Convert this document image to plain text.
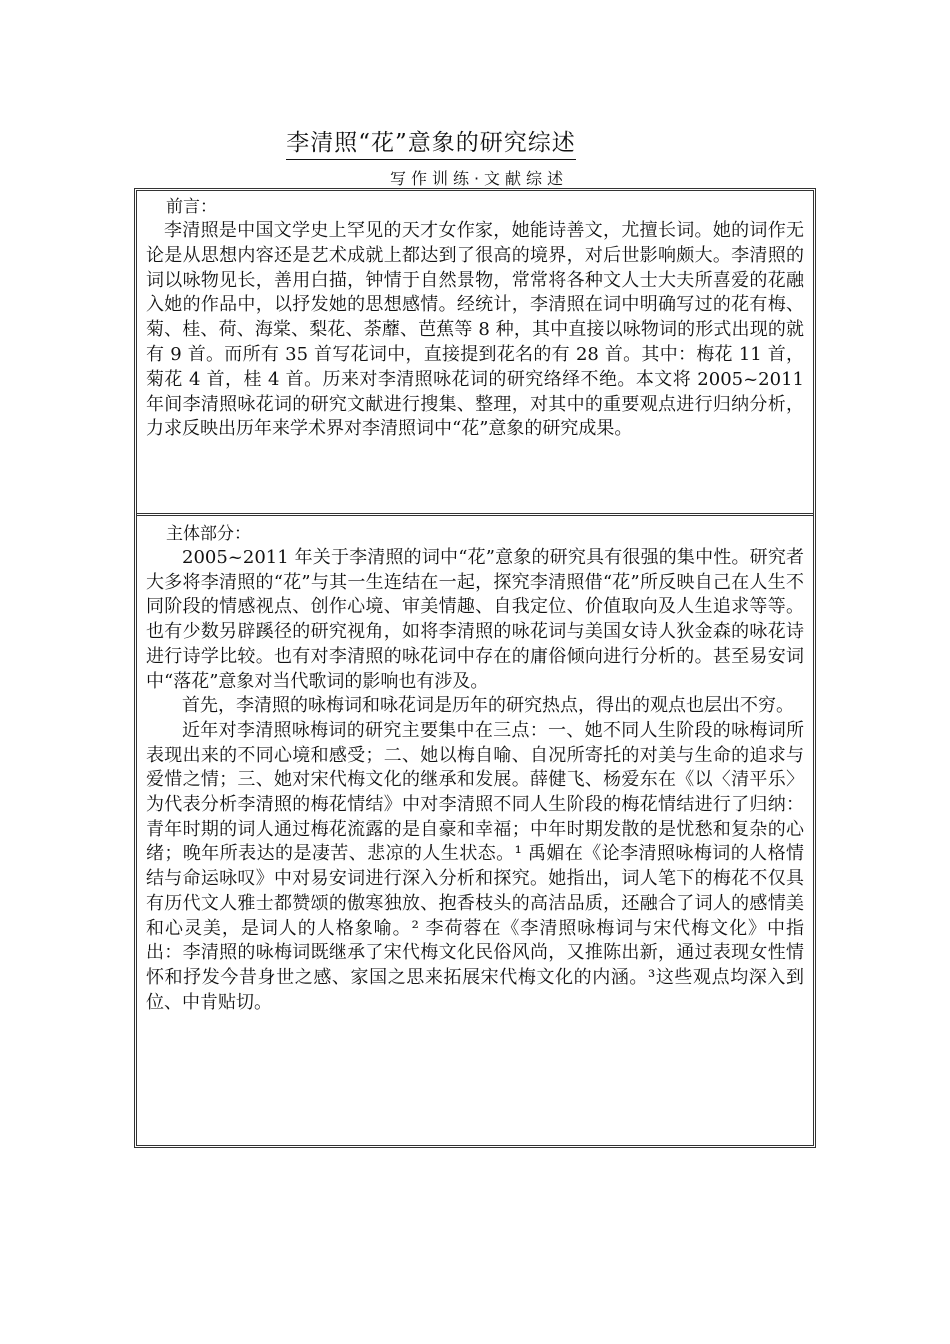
李清照“花”意象的研究综述
写作训练·文献综述
前言：

李清照是中国文学史上罕见的天才女作家，她能诗善文，尤擅长词。她的词作无论是从思想内容还是艺术成就上都达到了很高的境界，对后世影响颇大。李清照的词以咏物见长，善用白描，钟情于自然景物，常常将各种文人士大夫所喜爱的花融入她的作品中，以抒发她的思想感情。经统计，李清照在词中明确写过的花有梅、菊、桂、荷、海棠、梨花、荼蘼、芭蕉等 8 种，其中直接以咏物词的形式出现的就有 9 首。而所有 35 首写花词中，直接提到花名的有 28 首。其中：梅花 11 首，菊花 4 首，桂 4 首。历来对李清照咏花词的研究络绎不绝。本文将 2005~2011 年间李清照咏花词的研究文献进行搜集、整理，对其中的重要观点进行归纳分析，力求反映出历年来学术界对李清照词中“花”意象的研究成果。

主体部分：

2005~2011 年关于李清照的词中“花”意象的研究具有很强的集中性。研究者大多将李清照的“花”与其一生连结在一起，探究李清照借“花”所反映自己在人生不同阶段的情感视点、创作心境、审美情趣、自我定位、价值取向及人生追求等等。也有少数另辟蹊径的研究视角，如将李清照的咏花词与美国女诗人狄金森的咏花诗进行诗学比较。也有对李清照的咏花词中存在的庸俗倾向进行分析的。甚至易安词中“落花”意象对当代歌词的影响也有涉及。

首先，李清照的咏梅词和咏花词是历年的研究热点，得出的观点也层出不穷。

近年对李清照咏梅词的研究主要集中在三点：一、她不同人生阶段的咏梅词所表现出来的不同心境和感受；二、她以梅自喻、自况所寄托的对美与生命的追求与爱惜之情；三、她对宋代梅文化的继承和发展。薛健飞、杨爱东在《以〈清平乐〉为代表分析李清照的梅花情结》中对李清照不同人生阶段的梅花情结进行了归纳：青年时期的词人通过梅花流露的是自豪和幸福；中年时期发散的是忧愁和复杂的心绪；晚年所表达的是凄苦、悲凉的人生状态。¹ 禹媚在《论李清照咏梅词的人格情结与命运咏叹》中对易安词进行深入分析和探究。她指出，词人笔下的梅花不仅具有历代文人雅士都赞颂的傲寒独放、抱香枝头的高洁品质，还融合了词人的感情美和心灵美，是词人的人格象喻。² 李荷蓉在《李清照咏梅词与宋代梅文化》中指出：李清照的咏梅词既继承了宋代梅文化民俗风尚，又推陈出新，通过表现女性情怀和抒发今昔身世之感、家国之思来拓展宋代梅文化的内涵。³这些观点均深入到位、中肯贴切。
